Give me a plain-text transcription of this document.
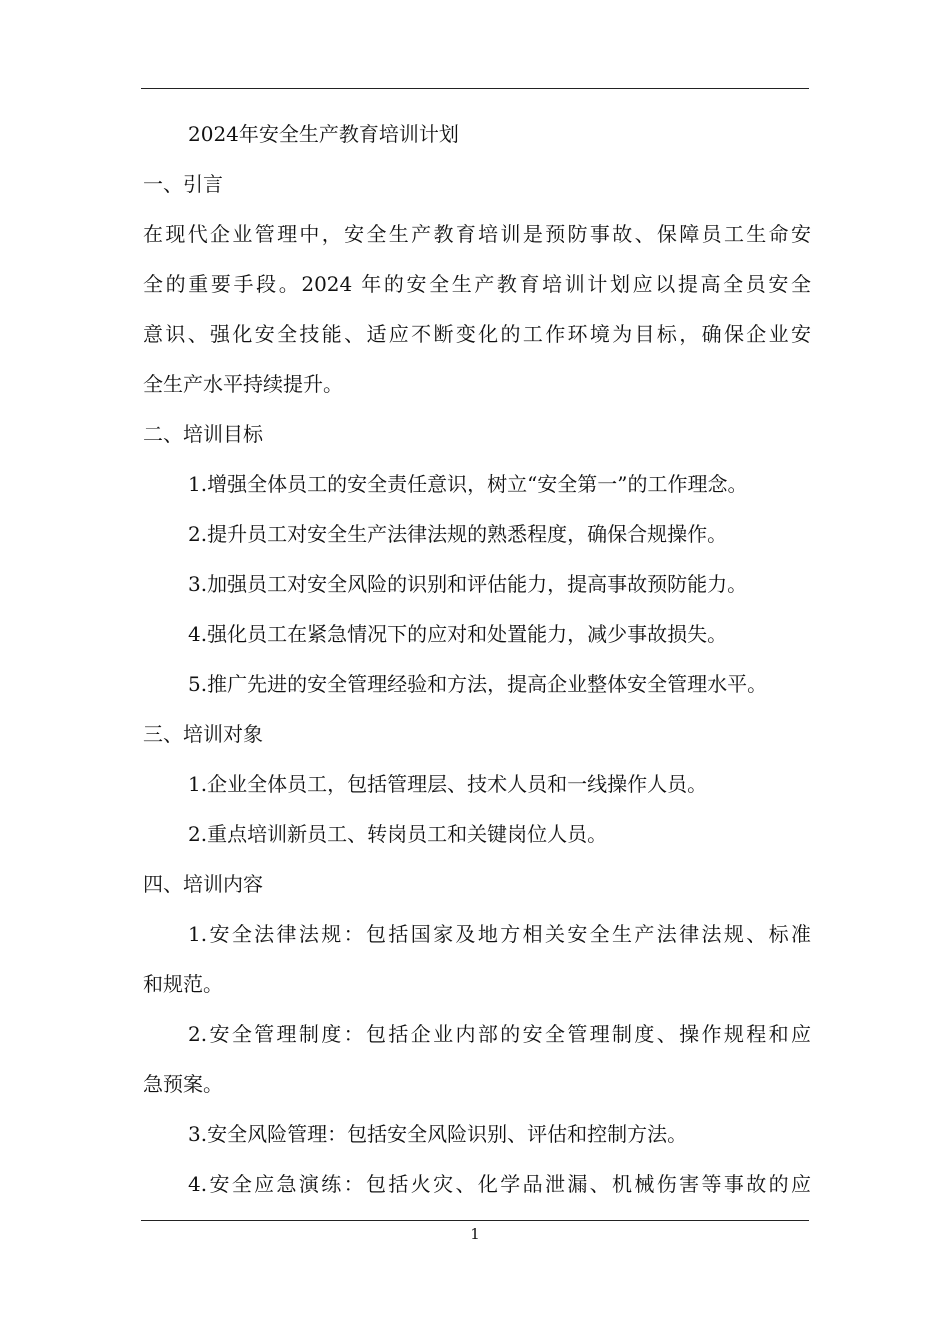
2024年安全生产教育培训计划
一、引言
在现代企业管理中，安全生产教育培训是预防事故、保障员工生命安
全的重要手段。2024 年的安全生产教育培训计划应以提高全员安全
意识、强化安全技能、适应不断变化的工作环境为目标，确保企业安
全生产水平持续提升。
二、培训目标
1.增强全体员工的安全责任意识，树立“安全第一”的工作理念。
2.提升员工对安全生产法律法规的熟悉程度，确保合规操作。
3.加强员工对安全风险的识别和评估能力，提高事故预防能力。
4.强化员工在紧急情况下的应对和处置能力，减少事故损失。
5.推广先进的安全管理经验和方法，提高企业整体安全管理水平。
三、培训对象
1.企业全体员工，包括管理层、技术人员和一线操作人员。
2.重点培训新员工、转岗员工和关键岗位人员。
四、培训内容
1.安全法律法规：包括国家及地方相关安全生产法律法规、标准
和规范。
2.安全管理制度：包括企业内部的安全管理制度、操作规程和应
急预案。
3.安全风险管理：包括安全风险识别、评估和控制方法。
4.安全应急演练：包括火灾、化学品泄漏、机械伤害等事故的应
1
